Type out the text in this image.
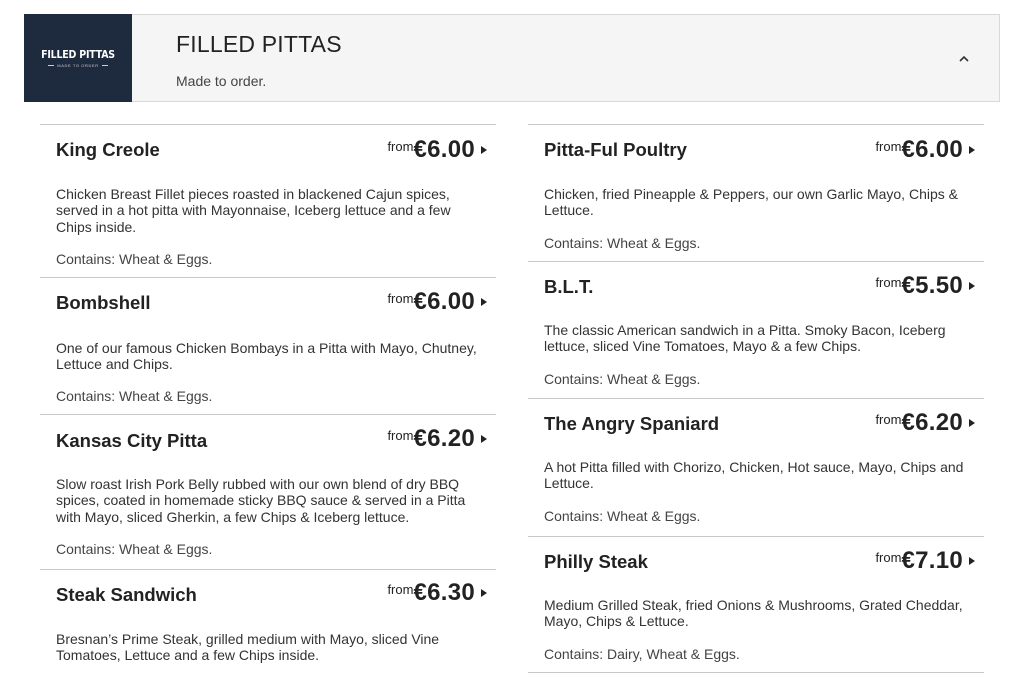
FILLED PITTAS
MADE TO ORDER
FILLED PITTAS
Made to order.
King Creole	from €6.00
Chicken Breast Fillet pieces roasted in blackened Cajun spices, served in a hot pitta with Mayonnaise, Iceberg lettuce and a few Chips inside.
Contains: Wheat & Eggs.
Bombshell	from €6.00
One of our famous Chicken Bombays in a Pitta with Mayo, Chutney, Lettuce and Chips.
Contains: Wheat & Eggs.
Kansas City Pitta	from €6.20
Slow roast Irish Pork Belly rubbed with our own blend of dry BBQ spices, coated in homemade sticky BBQ sauce & served in a Pitta with Mayo, sliced Gherkin, a few Chips & Iceberg lettuce.
Contains: Wheat & Eggs.
Steak Sandwich	from €6.30
Bresnan’s Prime Steak, grilled medium with Mayo, sliced Vine Tomatoes, Lettuce and a few Chips inside.
Pitta-Ful Poultry	from €6.00
Chicken, fried Pineapple & Peppers, our own Garlic Mayo, Chips & Lettuce.
Contains: Wheat & Eggs.
B.L.T.	from €5.50
The classic American sandwich in a Pitta. Smoky Bacon, Iceberg lettuce, sliced Vine Tomatoes, Mayo & a few Chips.
Contains: Wheat & Eggs.
The Angry Spaniard	from €6.20
A hot Pitta filled with Chorizo, Chicken, Hot sauce, Mayo, Chips and Lettuce.
Contains: Wheat & Eggs.
Philly Steak	from €7.10
Medium Grilled Steak, fried Onions & Mushrooms, Grated Cheddar, Mayo, Chips & Lettuce.
Contains: Dairy, Wheat & Eggs.
